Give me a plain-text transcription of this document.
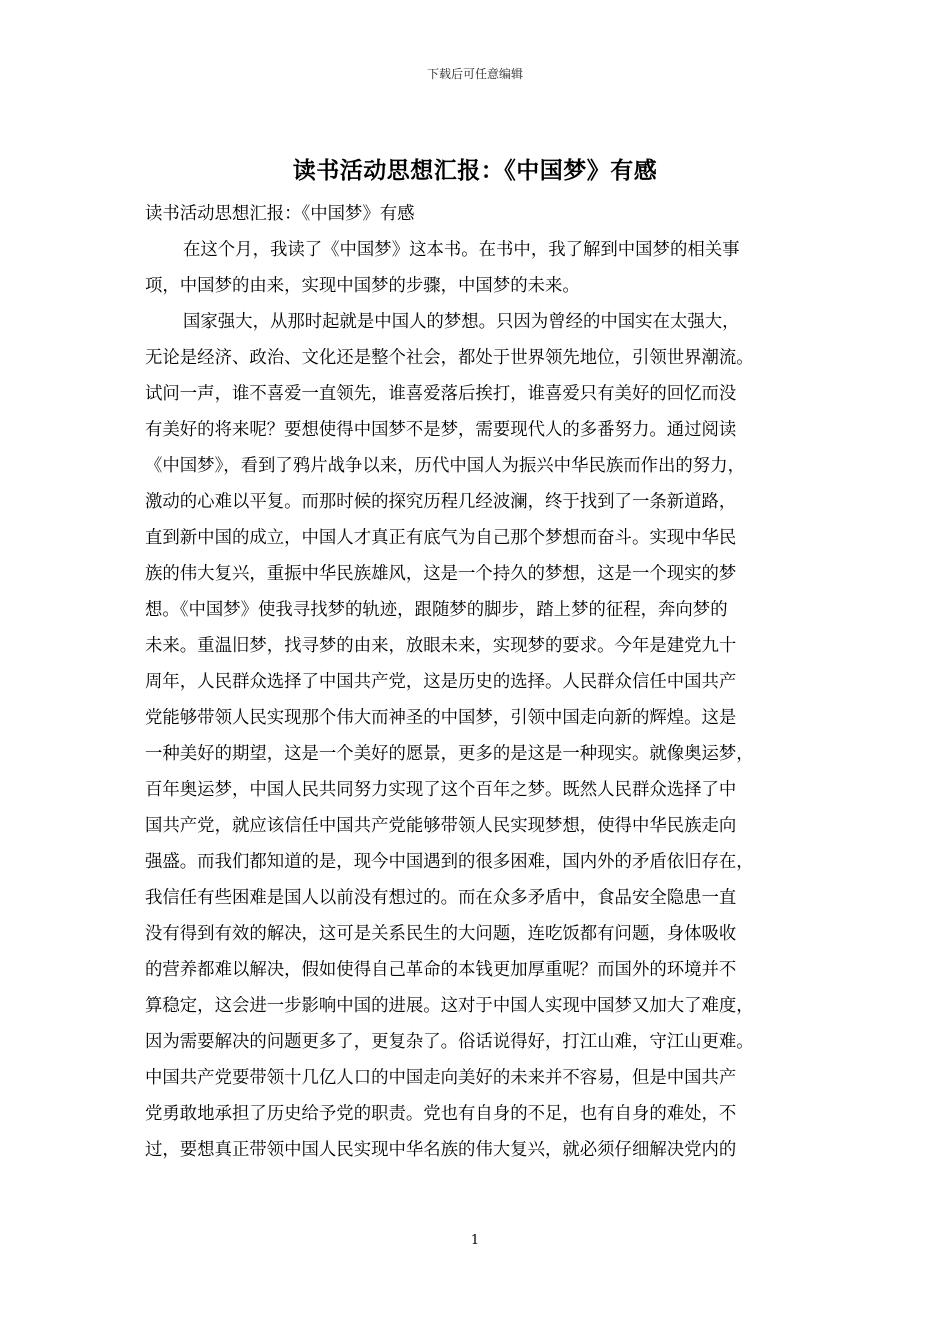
下载后可任意编辑
读书活动思想汇报：《中国梦》有感
读书活动思想汇报：《中国梦》有感
在这个月，我读了《中国梦》这本书。在书中，我了解到中国梦的相关事
项，中国梦的由来，实现中国梦的步骤，中国梦的未来。
国家强大，从那时起就是中国人的梦想。只因为曾经的中国实在太强大，
无论是经济、政治、文化还是整个社会，都处于世界领先地位，引领世界潮流。
试问一声，谁不喜爱一直领先，谁喜爱落后挨打，谁喜爱只有美好的回忆而没
有美好的将来呢？要想使得中国梦不是梦，需要现代人的多番努力。通过阅读
《中国梦》，看到了鸦片战争以来，历代中国人为振兴中华民族而作出的努力，
激动的心难以平复。而那时候的探究历程几经波澜，终于找到了一条新道路，
直到新中国的成立，中国人才真正有底气为自己那个梦想而奋斗。实现中华民
族的伟大复兴，重振中华民族雄风，这是一个持久的梦想，这是一个现实的梦
想。《中国梦》使我寻找梦的轨迹，跟随梦的脚步，踏上梦的征程，奔向梦的
未来。重温旧梦，找寻梦的由来，放眼未来，实现梦的要求。今年是建党九十
周年，人民群众选择了中国共产党，这是历史的选择。人民群众信任中国共产
党能够带领人民实现那个伟大而神圣的中国梦，引领中国走向新的辉煌。这是
一种美好的期望，这是一个美好的愿景，更多的是这是一种现实。就像奥运梦，
百年奥运梦，中国人民共同努力实现了这个百年之梦。既然人民群众选择了中
国共产党，就应该信任中国共产党能够带领人民实现梦想，使得中华民族走向
强盛。而我们都知道的是，现今中国遇到的很多困难，国内外的矛盾依旧存在，
我信任有些困难是国人以前没有想过的。而在众多矛盾中，食品安全隐患一直
没有得到有效的解决，这可是关系民生的大问题，连吃饭都有问题，身体吸收
的营养都难以解决，假如使得自己革命的本钱更加厚重呢？而国外的环境并不
算稳定，这会进一步影响中国的进展。这对于中国人实现中国梦又加大了难度，
因为需要解决的问题更多了，更复杂了。俗话说得好，打江山难，守江山更难。
中国共产党要带领十几亿人口的中国走向美好的未来并不容易，但是中国共产
党勇敢地承担了历史给予党的职责。党也有自身的不足，也有自身的难处，不
过，要想真正带领中国人民实现中华名族的伟大复兴，就必须仔细解决党内的
1
